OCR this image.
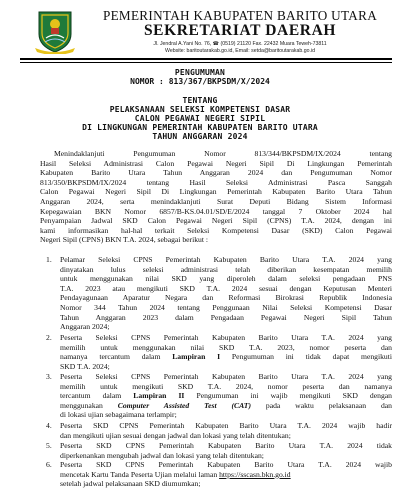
PEMERINTAH KABUPATEN BARITO UTARA
SEKRETARIAT DAERAH
Jl. Jendral A.Yani No. 76, ☎ (0519) 21120 Fax. 22432 Muara Teweh-73811
Website: baritoutarakab.go.id, Email: setda@baritoutarakab.go.id
PENGUMUMAN
NOMOR : 813/367/BKPSDM/X/2024
TENTANG
PELAKSANAAN SELEKSI KOMPETENSI DASAR
CALON PEGAWAI NEGERI SIPIL
DI LINGKUNGAN PEMERINTAH KABUPATEN BARITO UTARA
TAHUN ANGGARAN 2024
Menindaklanjuti Pengumuman Nomor 813/344/BKPSDM/IX/2024 tentang
Hasil Seleksi Administrasi Calon Pegawai Negeri Sipil Di Lingkungan Pemerintah
Kabupaten Barito Utara Tahun Anggaran 2024 dan Pengumuman Nomor
813/350/BKPSDM/IX/2024 tentang Hasil Seleksi Administrasi Pasca Sanggah
Calon Pegawai Negeri Sipil Di Lingkungan Pemerintah Kabupaten Barito Utara Tahun
Anggaran 2024, serta menindaklanjuti Surat Deputi Bidang Sistem Informasi
Kepegawaian BKN Nomor 6857/B-KS.04.01/SD/E/2024 tanggal 7 Oktober 2024 hal
Penyampaian Jadwal SKD Calon Pegawai Negeri Sipil (CPNS) T.A. 2024, dengan ini
kami informasikan hal-hal terkait Seleksi Kompetensi Dasar (SKD) Calon Pegawai
Negeri Sipil (CPNS) BKN T.A. 2024, sebagai berikut :
1.	Pelamar Seleksi CPNS Pemerintah Kabupaten Barito Utara T.A. 2024 yang
dinyatakan lulus seleksi administrasi telah diberikan kesempatan memilih
untuk menggunakan nilai SKD yang diperoleh dalam seleksi pengadaan PNS
T.A. 2023 atau mengikuti SKD T.A. 2024 sesuai dengan Keputusan Menteri
Pendayagunaan Aparatur Negara dan Reformasi Birokrasi Republik Indonesia
Nomor 344 Tahun 2024 tentang Penggunaan Nilai Seleksi Kompetensi Dasar
Tahun Anggaran 2023 dalam Pengadaan Pegawai Negeri Sipil Tahun
Anggaran 2024;
2.	Peserta Seleksi CPNS Pemerintah Kabupaten Barito Utara T.A. 2024 yang
memilih untuk menggunakan nilai SKD T.A. 2023, nomor peserta dan
namanya tercantum dalam Lampiran I Pengumuman ini tidak dapat mengikuti
SKD T.A. 2024;
3.	Peserta Seleksi CPNS Pemerintah Kabupaten Barito Utara T.A. 2024 yang
memilih untuk mengikuti SKD T.A. 2024, nomor peserta dan namanya
tercantum dalam Lampiran II Pengumuman ini wajib mengikuti SKD dengan
menggunakan Computer Assisted Test (CAT) pada waktu pelaksanaan dan
di lokasi ujian sebagaimana terlampir;
4.	Peserta SKD CPNS Pemerintah Kabupaten Barito Utara T.A. 2024 wajib hadir
dan mengikuti ujian sesuai dengan jadwal dan lokasi yang telah ditentukan;
5.	Peserta SKD CPNS Pemerintah Kabupaten Barito Utara T.A. 2024 tidak
diperkenankan mengubah jadwal dan lokasi yang telah ditentukan;
6.	Peserta SKD CPNS Pemerintah Kabupaten Barito Utara T.A. 2024 wajib
mencetak Kartu Tanda Peserta Ujian melalui laman https://sscasn.bkn.go.id
setelah jadwal pelaksanaan SKD diumumkan;
